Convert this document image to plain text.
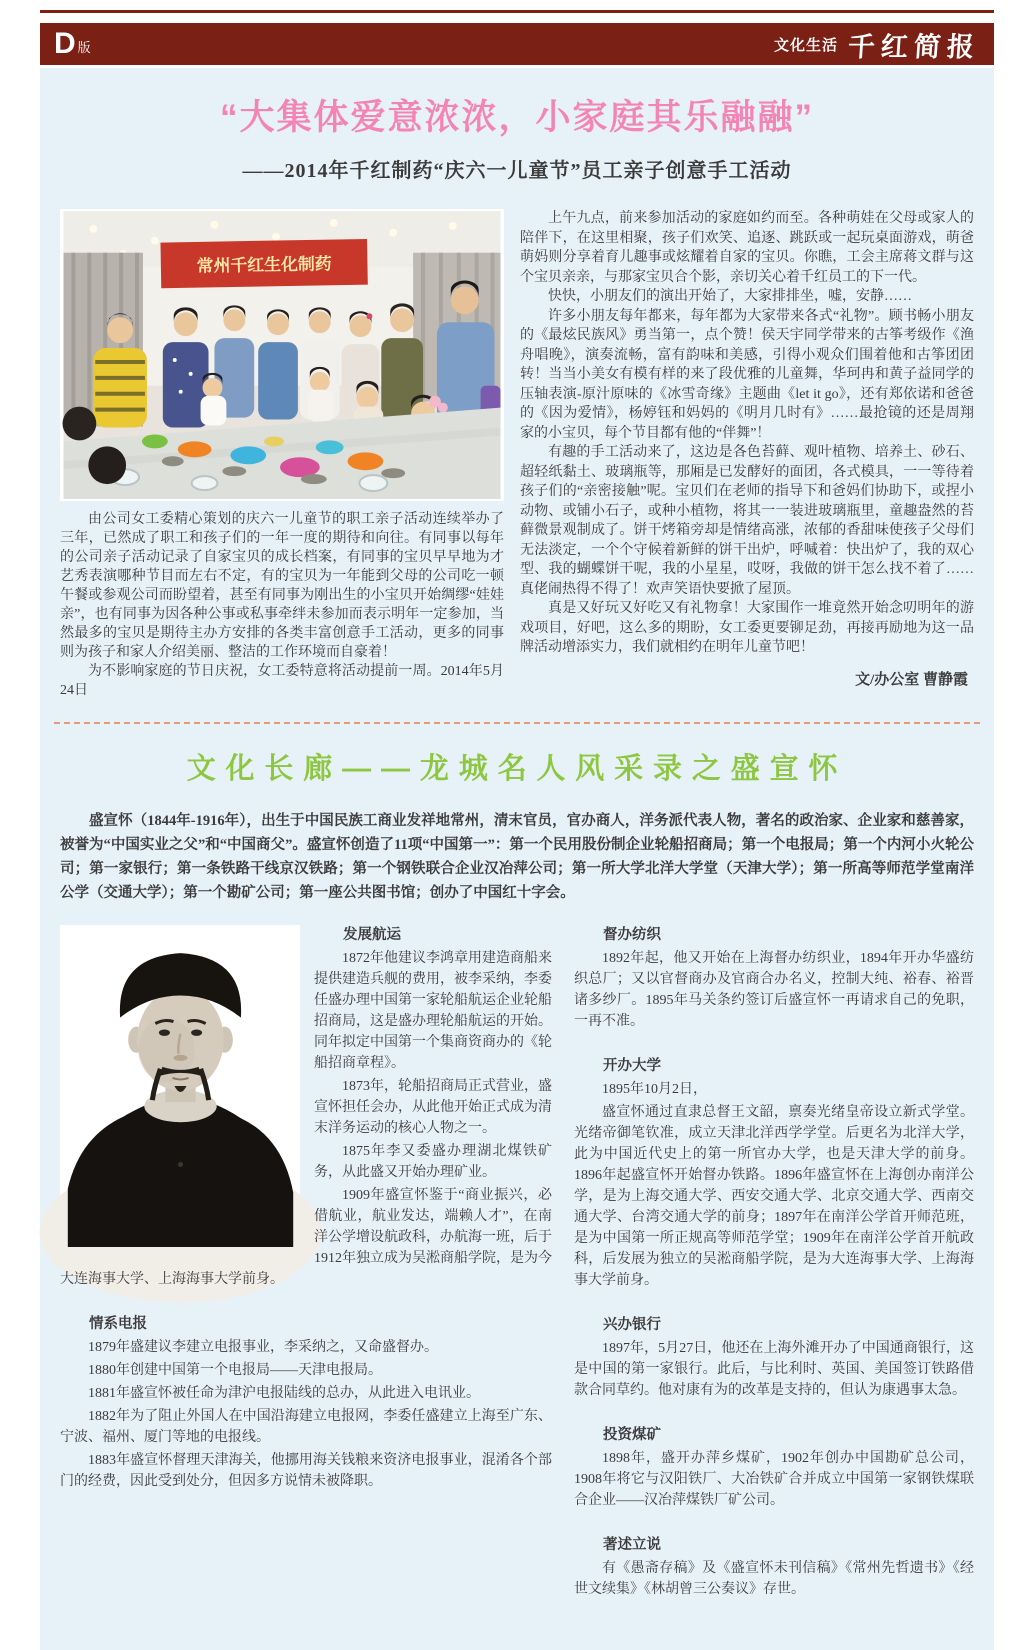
D 版	文化生活 千红简报
“大集体爱意浓浓，小家庭其乐融融”
——2014年千红制药“庆六一儿童节”员工亲子创意手工活动
常州千红生化制药

由公司女工委精心策划的庆六一儿童节的职工亲子活动连续举办了三年，已然成了职工和孩子们的一年一度的期待和向往。有同事以每年的公司亲子活动记录了自家宝贝的成长档案，有同事的宝贝早早地为才艺秀表演哪种节目而左右不定，有的宝贝为一年能到父母的公司吃一顿午餐或参观公司而盼望着，甚至有同事为刚出生的小宝贝开始绸缪“娃娃亲”，也有同事为因各种公事或私事牵绊未参加而表示明年一定参加，当然最多的宝贝是期待主办方安排的各类丰富创意手工活动，更多的同事则为孩子和家人介绍美丽、整洁的工作环境而自豪着！

为不影响家庭的节日庆祝，女工委特意将活动提前一周。2014年5月24日

上午九点，前来参加活动的家庭如约而至。各种萌娃在父母或家人的陪伴下，在这里相聚，孩子们欢笑、追逐、跳跃或一起玩桌面游戏，萌爸萌妈则分享着育儿趣事或炫耀着自家的宝贝。你瞧，工会主席蒋文群与这个宝贝亲亲，与那家宝贝合个影，亲切关心着千红员工的下一代。

快快，小朋友们的演出开始了，大家排排坐，嘘，安静……

许多小朋友每年都来，每年都为大家带来各式“礼物”。顾书畅小朋友的《最炫民族风》勇当第一，点个赞！侯天宇同学带来的古筝考级作《渔舟唱晚》，演奏流畅，富有韵味和美感，引得小观众们围着他和古筝团团转！当当小美女有模有样的来了段优雅的儿童舞，华珂冉和黄子益同学的压轴表演-原汁原味的《冰雪奇缘》主题曲《let it go》，还有郑依诺和爸爸的《因为爱情》，杨婷钰和妈妈的《明月几时有》……最抢镜的还是周翔家的小宝贝，每个节目都有他的“伴舞”！

有趣的手工活动来了，这边是各色苔藓、观叶植物、培养土、砂石、超轻纸黏土、玻璃瓶等，那厢是已发酵好的面团，各式模具，一一等待着孩子们的“亲密接触”呢。宝贝们在老师的指导下和爸妈们协助下，或捏小动物、或铺小石子，或种小植物，将其一一装进玻璃瓶里，童趣盎然的苔藓微景观制成了。饼干烤箱旁却是情绪高涨，浓郁的香甜味使孩子父母们无法淡定，一个个守候着新鲜的饼干出炉，呼喊着：快出炉了，我的双心型、我的蝴蝶饼干呢，我的小星星，哎呀，我做的饼干怎么找不着了……真佬闹热得不得了！欢声笑语快要掀了屋顶。

真是又好玩又好吃又有礼物拿！大家围作一堆竟然开始念叨明年的游戏项目，好吧，这么多的期盼，女工委更要铆足劲，再接再励地为这一品牌活动增添实力，我们就相约在明年儿童节吧！

文/办公室 曹静霞
文化长廊——龙城名人风采录之盛宣怀

盛宣怀（1844年-1916年），出生于中国民族工商业发祥地常州，清末官员，官办商人，洋务派代表人物，著名的政治家、企业家和慈善家，被誉为“中国实业之父”和“中国商父”。盛宣怀创造了11项“中国第一”：第一个民用股份制企业轮船招商局；第一个电报局；第一个内河小火轮公司；第一家银行；第一条铁路干线京汉铁路；第一个钢铁联合企业汉冶萍公司；第一所大学北洋大学堂（天津大学）；第一所高等师范学堂南洋公学（交通大学）；第一个勘矿公司；第一座公共图书馆；创办了中国红十字会。

发展航运

1872年他建议李鸿章用建造商船来提供建造兵舰的费用，被李采纳，李委任盛办理中国第一家轮船航运企业轮船招商局，这是盛办理轮船航运的开始。同年拟定中国第一个集商资商办的《轮船招商章程》。

1873年，轮船招商局正式营业，盛宣怀担任会办，从此他开始正式成为清末洋务运动的核心人物之一。

1875年李又委盛办理湖北煤铁矿务，从此盛又开始办理矿业。

1909年盛宣怀鉴于“商业振兴，必借航业，航业发达，端赖人才”，在南洋公学增设航政科，办航海一班，后于1912年独立成为吴淞商船学院，是为今大连海事大学、上海海事大学前身。

情系电报

1879年盛建议李建立电报事业，李采纳之，又命盛督办。

1880年创建中国第一个电报局——天津电报局。

1881年盛宣怀被任命为津沪电报陆线的总办，从此进入电讯业。

1882年为了阻止外国人在中国沿海建立电报网，李委任盛建立上海至广东、宁波、福州、厦门等地的电报线。

1883年盛宣怀督理天津海关，他挪用海关钱粮来资济电报事业，混淆各个部门的经费，因此受到处分，但因多方说情未被降职。

督办纺织

1892年起，他又开始在上海督办纺织业，1894年开办华盛纺织总厂；又以官督商办及官商合办名义，控制大纯、裕春、裕晋诸多纱厂。1895年马关条约签订后盛宣怀一再请求自己的免职，一再不准。

开办大学

1895年10月2日，

盛宣怀通过直隶总督王文韶，禀奏光绪皇帝设立新式学堂。光绪帝御笔钦准，成立天津北洋西学学堂。后更名为北洋大学，此为中国近代史上的第一所官办大学，也是天津大学的前身。1896年起盛宣怀开始督办铁路。1896年盛宣怀在上海创办南洋公学，是为上海交通大学、西安交通大学、北京交通大学、西南交通大学、台湾交通大学的前身；1897年在南洋公学首开师范班，是为中国第一所正规高等师范学堂；1909年在南洋公学首开航政科，后发展为独立的吴淞商船学院，是为大连海事大学、上海海事大学前身。

兴办银行

1897年，5月27日，他还在上海外滩开办了中国通商银行，这是中国的第一家银行。此后，与比利时、英国、美国签订铁路借款合同草约。他对康有为的改革是支持的，但认为康遇事太急。

投资煤矿

1898年，盛开办萍乡煤矿，1902年创办中国勘矿总公司，1908年将它与汉阳铁厂、大冶铁矿合并成立中国第一家钢铁煤联合企业——汉冶萍煤铁厂矿公司。

著述立说

有《愚斋存稿》及《盛宣怀未刊信稿》《常州先哲遗书》《经世文续集》《林胡曾三公奏议》存世。
